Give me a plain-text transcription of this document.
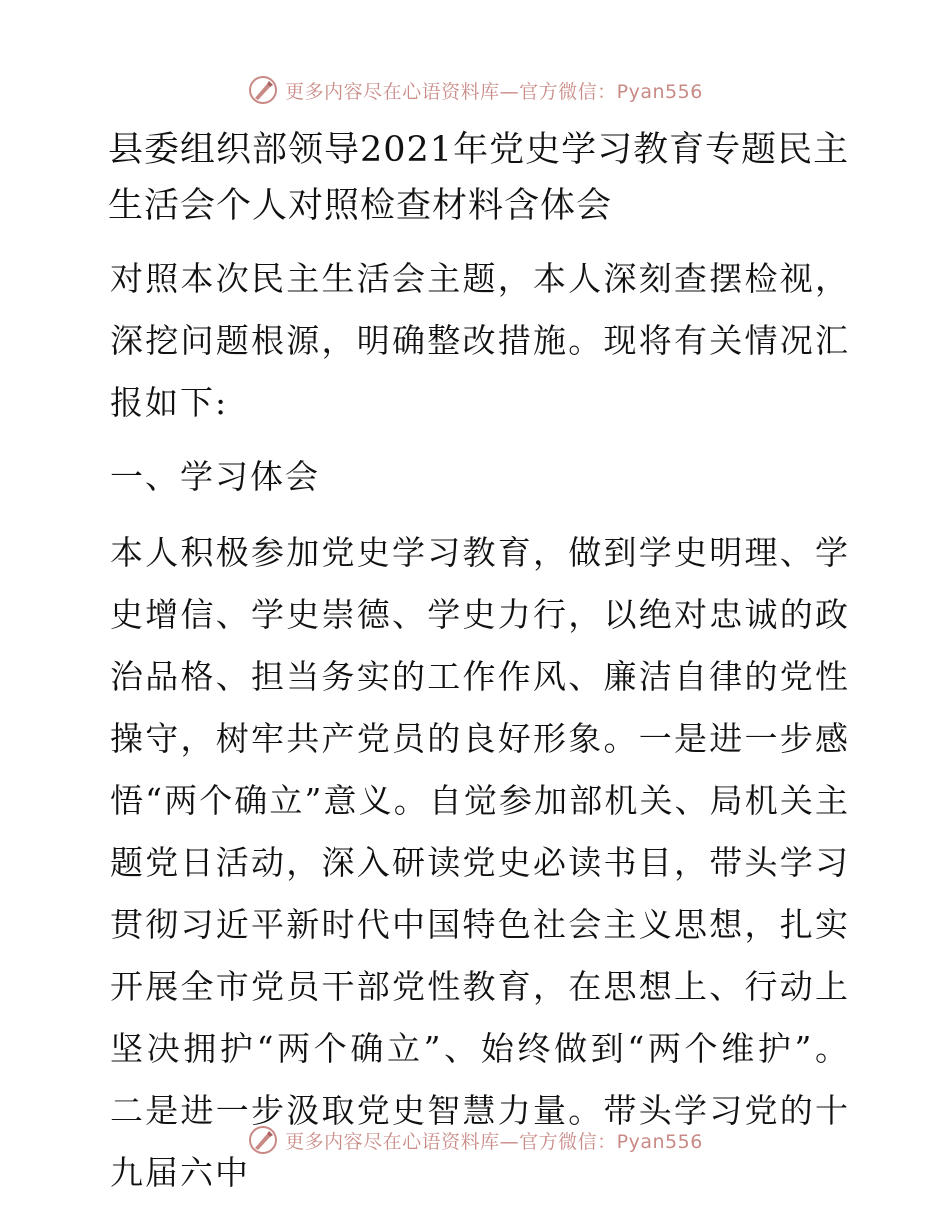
更多内容尽在心语资料库—官方微信：Pyan556
县委组织部领导2021年党史学习教育专题民主生活会个人对照检查材料含体会

对照本次民主生活会主题，本人深刻查摆检视，深挖问题根源，明确整改措施。现将有关情况汇报如下:

一、学习体会

本人积极参加党史学习教育，做到学史明理、学史增信、学史崇德、学史力行，以绝对忠诚的政治品格、担当务实的工作作风、廉洁自律的党性操守，树牢共产党员的良好形象。一是进一步感悟“两个确立”意义。自觉参加部机关、局机关主题党日活动，深入研读党史必读书目，带头学习贯彻习近平新时代中国特色社会主义思想，扎实开展全市党员干部党性教育，在思想上、行动上坚决拥护“两个确立”、始终做到“两个维护”。二是进一步汲取党史智慧力量。带头学习党的十九届六中

更多内容尽在心语资料库—官方微信：Pyan556
